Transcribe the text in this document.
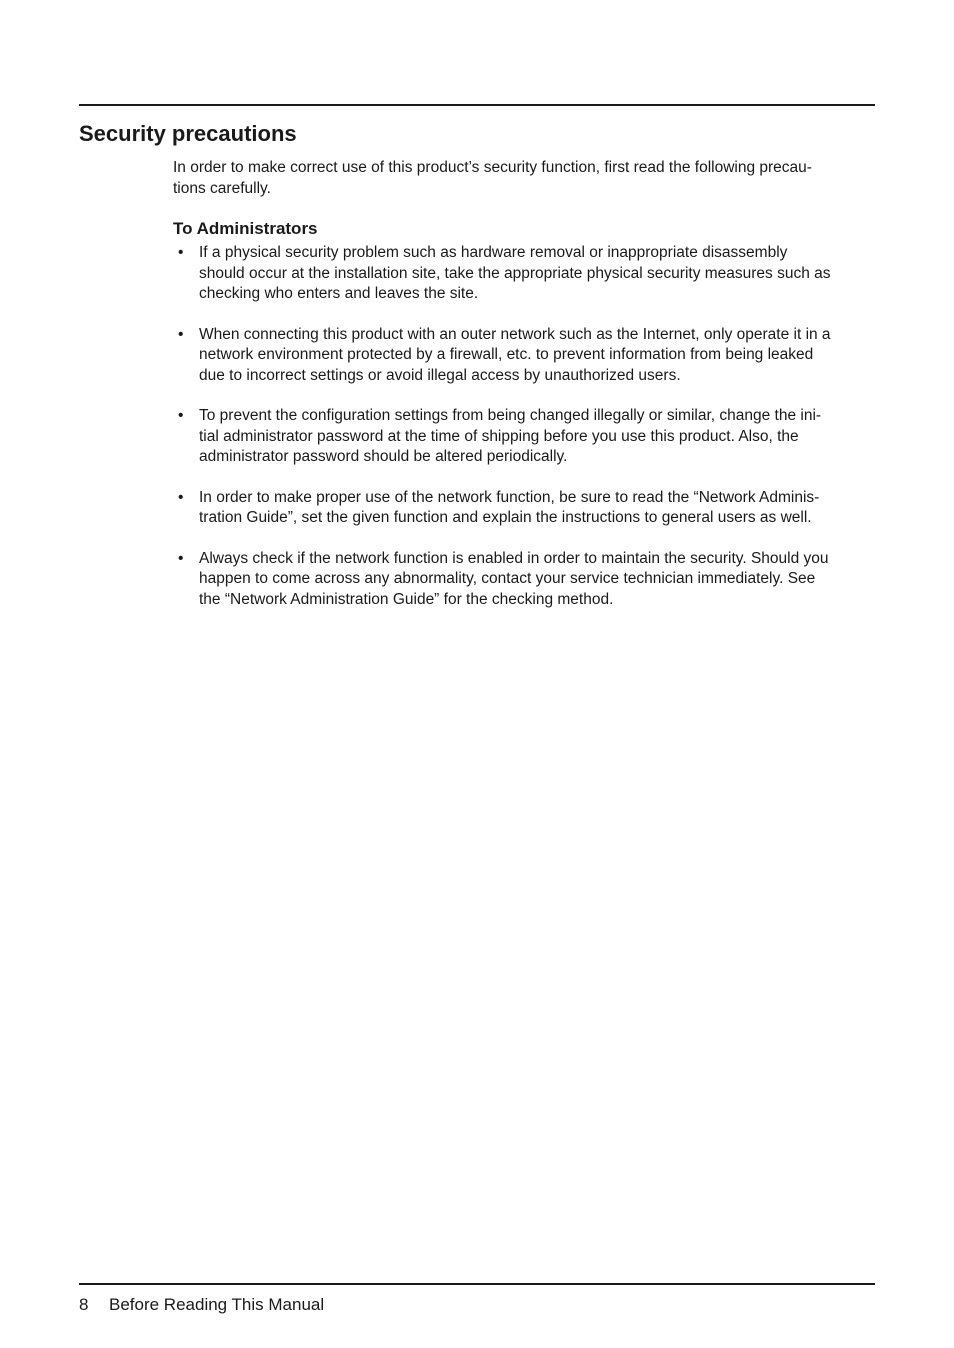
Security precautions

In order to make correct use of this product’s security function, first read the following precau-
tions carefully.

To Administrators
• If a physical security problem such as hardware removal or inappropriate disassembly
should occur at the installation site, take the appropriate physical security measures such as
checking who enters and leaves the site.
• When connecting this product with an outer network such as the Internet, only operate it in a
network environment protected by a firewall, etc. to prevent information from being leaked
due to incorrect settings or avoid illegal access by unauthorized users.
• To prevent the configuration settings from being changed illegally or similar, change the ini-
tial administrator password at the time of shipping before you use this product. Also, the
administrator password should be altered periodically.
• In order to make proper use of the network function, be sure to read the “Network Adminis-
tration Guide”, set the given function and explain the instructions to general users as well.
• Always check if the network function is enabled in order to maintain the security. Should you
happen to come across any abnormality, contact your service technician immediately. See
the “Network Administration Guide” for the checking method.
8 Before Reading This Manual
